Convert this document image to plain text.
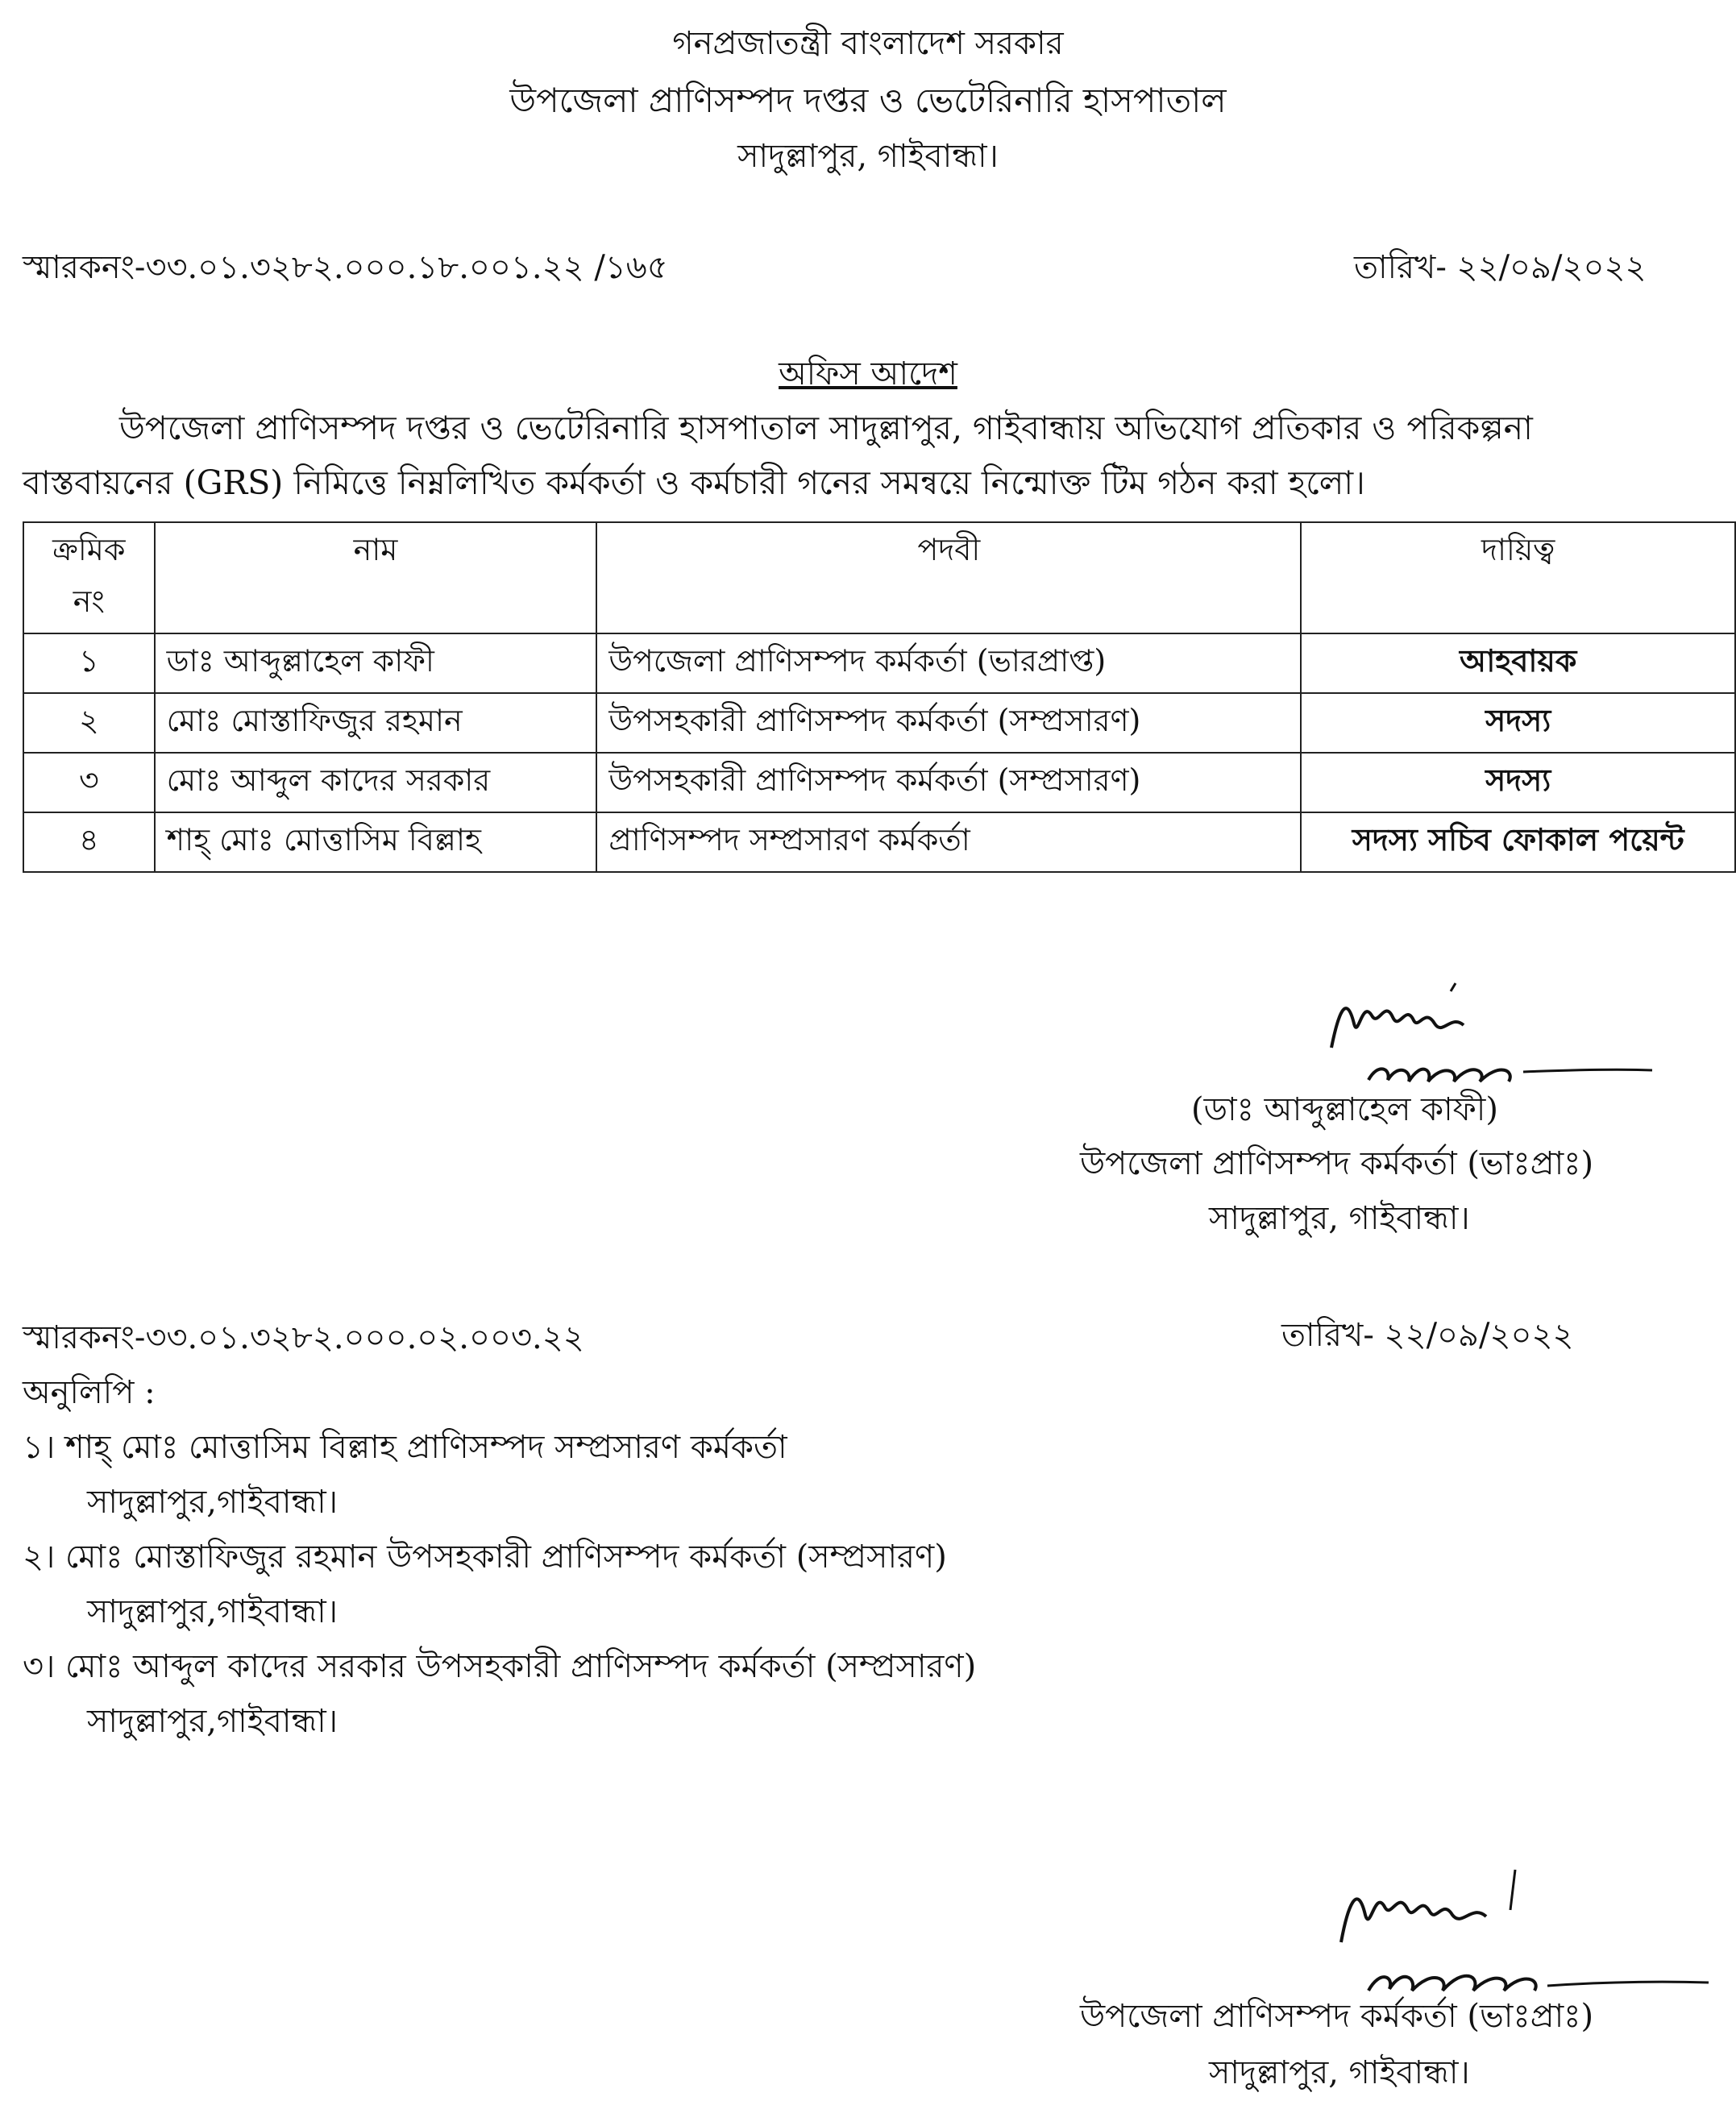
গনপ্রজাতন্ত্রী বাংলাদেশ সরকার
উপজেলা প্রাণিসম্পদ দপ্তর ও ভেটেরিনারি হাসপাতাল
সাদুল্লাপুর, গাইবান্ধা।
স্মারকনং-৩৩.০১.৩২৮২.০০০.১৮.০০১.২২ /১৬৫	তারিখ- ২২/০৯/২০২২
অফিস আদেশ
উপজেলা প্রাণিসম্পদ দপ্তর ও ভেটেরিনারি হাসপাতাল সাদুল্লাপুর, গাইবান্ধায় অভিযোগ প্রতিকার ও পরিকল্পনা
বাস্তবায়নের (GRS) নিমিত্তে নিম্নলিখিত কর্মকর্তা ও কর্মচারী গনের সমন্বয়ে নিন্মোক্ত টিম গঠন করা হলো।
ক্রমিক নং	নাম	পদবী	দায়িত্ব
১	ডাঃ আব্দুল্লাহেল কাফী	উপজেলা প্রাণিসম্পদ কর্মকর্তা (ভারপ্রাপ্ত)	আহবায়ক
২	মোঃ মোস্তাফিজুর রহমান	উপসহকারী প্রাণিসম্পদ কর্মকর্তা (সম্প্রসারণ)	সদস্য
৩	মোঃ আব্দুল কাদের সরকার	উপসহকারী প্রাণিসম্পদ কর্মকর্তা (সম্প্রসারণ)	সদস্য
৪	শাহ্ মোঃ মোত্তাসিম বিল্লাহ	প্রাণিসম্পদ সম্প্রসারণ কর্মকর্তা	সদস্য সচিব ফোকাল পয়েন্ট
(ডাঃ আব্দুল্লাহেল কাফী)
উপজেলা প্রাণিসম্পদ কর্মকর্তা (ভাঃপ্রাঃ)
সাদুল্লাপুর, গাইবান্ধা।
স্মারকনং-৩৩.০১.৩২৮২.০০০.০২.০০৩.২২	তারিখ- ২২/০৯/২০২২
অনুলিপি :
১। শাহ্ মোঃ মোত্তাসিম বিল্লাহ প্রাণিসম্পদ সম্প্রসারণ কর্মকর্তা
সাদুল্লাপুর,গাইবান্ধা।
২। মোঃ মোস্তাফিজুর রহমান উপসহকারী প্রাণিসম্পদ কর্মকর্তা (সম্প্রসারণ)
সাদুল্লাপুর,গাইবান্ধা।
৩। মোঃ আব্দুল কাদের সরকার উপসহকারী প্রাণিসম্পদ কর্মকর্তা (সম্প্রসারণ)
সাদুল্লাপুর,গাইবান্ধা।
উপজেলা প্রাণিসম্পদ কর্মকর্তা (ভাঃপ্রাঃ)
সাদুল্লাপুর, গাইবান্ধা।
